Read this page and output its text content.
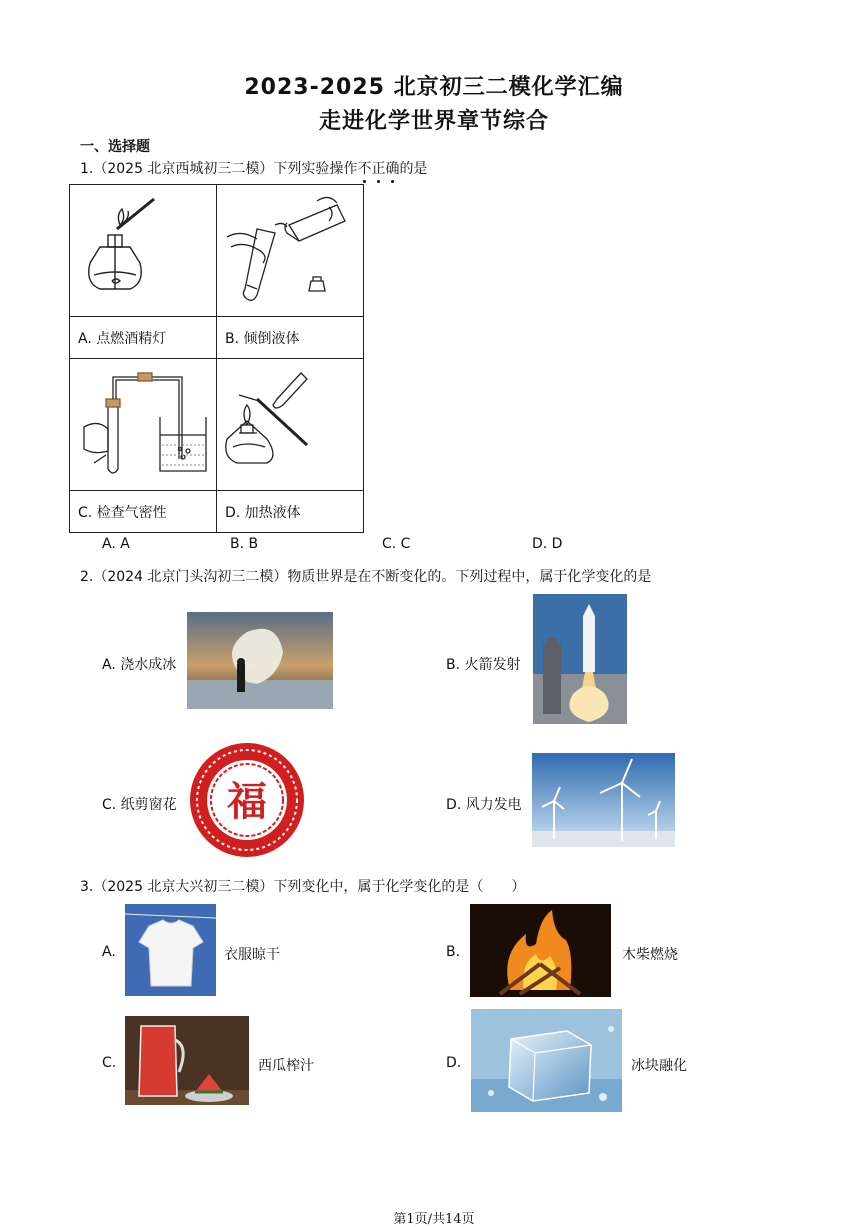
2023-2025 北京初三二模化学汇编
走进化学世界章节综合
一、选择题
1.（2025 北京西城初三二模）下列实验操作不
正
确
的是

A. 点燃酒精灯	B. 倾倒液体

C. 检查气密性	D. 加热液体
A. A	B. B	C. C	D. D
2.（2024 北京门头沟初三二模）物质世界是在不断变化的。下列过程中，属于化学变化的是
A. 浇水成冰	B. 火箭发射
C. 纸剪窗花 福	D. 风力发电
3.（2025 北京大兴初三二模）下列变化中，属于化学变化的是（　　）
A.	衣服晾干	B.	木柴燃烧
C.	西瓜榨汁	D.	冰块融化
第1页/共14页
